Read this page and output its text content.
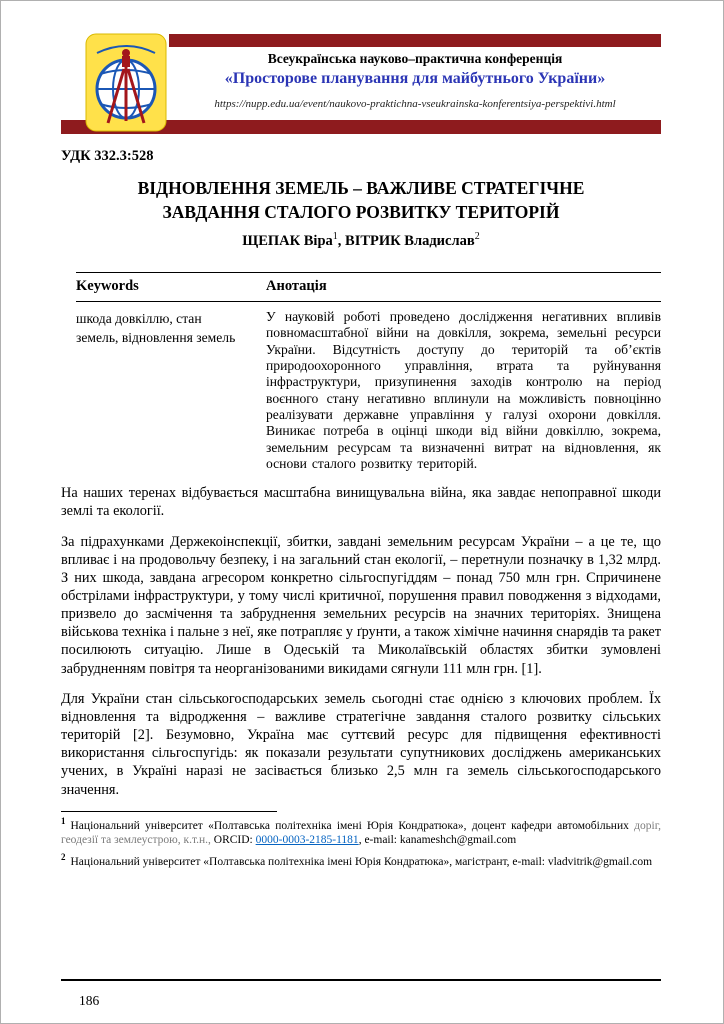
Всеукраїнська науково–практична конференція
«Просторове планування для майбутнього України»
https://nupp.edu.ua/event/naukovo-praktichna-vseukrainska-konferentsiya-perspektivi.html
УДК 332.3:528
ВІДНОВЛЕННЯ ЗЕМЕЛЬ – ВАЖЛИВЕ СТРАТЕГІЧНЕ
ЗАВДАННЯ СТАЛОГО РОЗВИТКУ ТЕРИТОРІЙ
ЩЕПАК Віра$^1$, ВІТРИК Владислав$^2$
Keywords	Анотація
шкода довкіллю, стан земель, відновлення земель
У науковій роботі проведено дослідження негативних впливів повномасштабної війни на довкілля, зокрема, земельні ресурси України. Відсутність доступу до територій та об’єктів природоохоронного управління, втрата та руйнування інфраструктури, призупинення заходів контролю на період воєнного стану негативно вплинули на можливість повноцінно реалізувати державне управління у галузі охорони довкілля. Виникає потреба в оцінці шкоди від війни довкіллю, зокрема, земельним ресурсам та визначенні витрат на відновлення, як основи сталого розвитку територій.

На наших теренах відбувається масштабна винищувальна війна, яка завдає непоправної шкоди землі та екології.

За підрахунками Держекоінспекції, збитки, завдані земельним ресурсам України – а це те, що впливає і на продовольчу безпеку, і на загальний стан екології, – перетнули позначку в 1,32 млрд. З них шкода, завдана агресором конкретно сільгоспугіддям – понад 750 млн грн. Спричинене обстрілами інфраструктури, у тому числі критичної, порушення правил поводження з відходами, призвело до засмічення та забруднення земельних ресурсів на значних територіях. Знищена військова техніка і пальне з неї, яке потрапляє у ґрунти, а також хімічне начиння снарядів та ракет посилюють ситуацію. Лише в Одеській та Миколаївській областях збитки зумовлені забрудненням повітря та неорганізованими викидами сягнули 111 млн грн. [1].

Для України стан сільськогосподарських земель сьогодні стає однією з ключових проблем. Їх відновлення та відродження – важливе стратегічне завдання сталого розвитку сільських територій [2]. Безумовно, Україна має суттєвий ресурс для підвищення ефективності використання сільгоспугідь: як показали результати супутникових досліджень американських учених, в Україні наразі не засівається близько 2,5 млн га земель сільськогосподарського значення.

$^1$ Національний університет «Полтавська політехніка імені Юрія Кондратюка», доцент кафедри автомобільних доріг, геодезії та землеустрою, к.т.н., ORCID: 0000-0003-2185-1181, e-mail: kanameshch@gmail.com
$^2$ Національний університет «Полтавська політехніка імені Юрія Кондратюка», магістрант, e-mail: vladvitrik@gmail.com
186
